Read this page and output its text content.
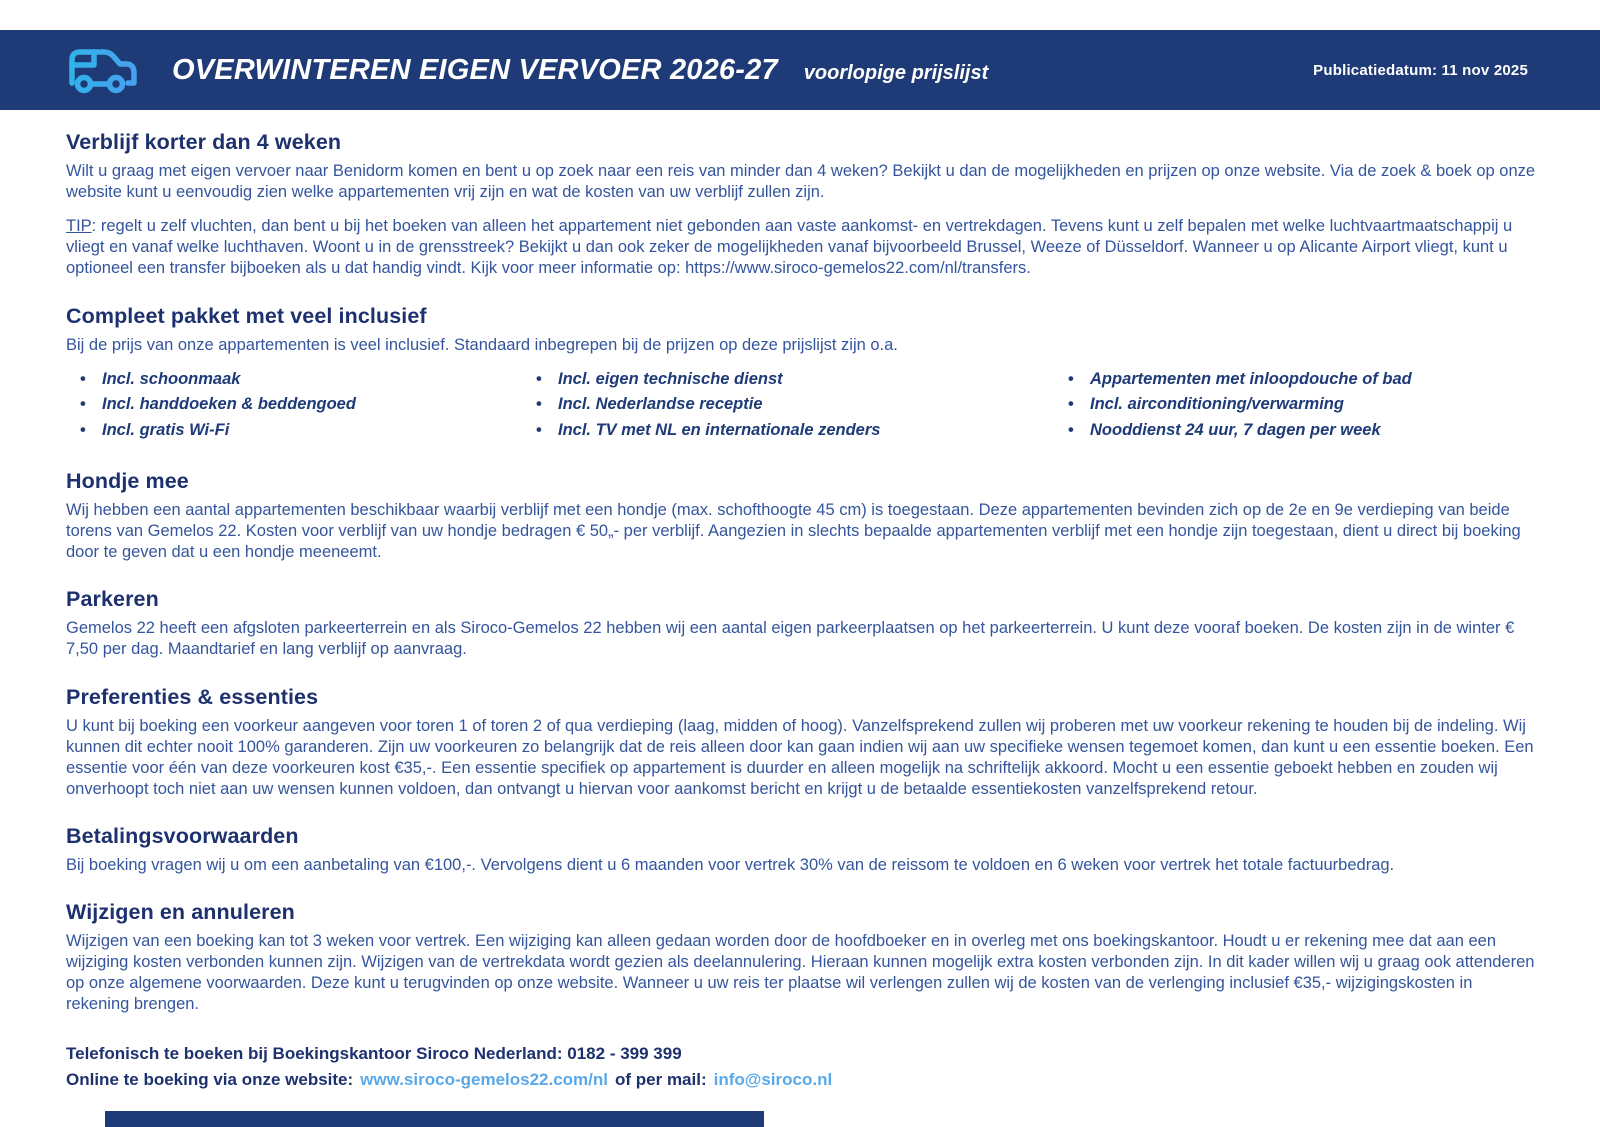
OVERWINTEREN EIGEN VERVOER 2026-27 voorlopige prijslijst	Publicatiedatum: 11 nov 2025
Verblijf korter dan 4 weken

Wilt u graag met eigen vervoer naar Benidorm komen en bent u op zoek naar een reis van minder dan 4 weken? Bekijkt u dan de mogelijkheden en prijzen op onze website. Via de zoek & boek op onze website kunt u eenvoudig zien welke appartementen vrij zijn en wat de kosten van uw verblijf zullen zijn.

TIP: regelt u zelf vluchten, dan bent u bij het boeken van alleen het appartement niet gebonden aan vaste aankomst- en vertrekdagen. Tevens kunt u zelf bepalen met welke luchtvaartmaatschappij u vliegt en vanaf welke luchthaven. Woont u in de grensstreek? Bekijkt u dan ook zeker de mogelijkheden vanaf bijvoorbeeld Brussel, Weeze of Düsseldorf. Wanneer u op Alicante Airport vliegt, kunt u optioneel een transfer bijboeken als u dat handig vindt. Kijk voor meer informatie op: https://www.siroco-gemelos22.com/nl/transfers.

Compleet pakket met veel inclusief

Bij de prijs van onze appartementen is veel inclusief. Standaard inbegrepen bij de prijzen op deze prijslijst zijn o.a.

• Incl. schoonmaak
• Incl. handdoeken & beddengoed
• Incl. gratis Wi-Fi
• Incl. eigen technische dienst
• Incl. Nederlandse receptie
• Incl. TV met NL en internationale zenders
• Appartementen met inloopdouche of bad
• Incl. airconditioning/verwarming
• Nooddienst 24 uur, 7 dagen per week
Hondje mee

Wij hebben een aantal appartementen beschikbaar waarbij verblijf met een hondje (max. schofthoogte 45 cm) is toegestaan. Deze appartementen bevinden zich op de 2e en 9e verdieping van beide torens van Gemelos 22. Kosten voor verblijf van uw hondje bedragen € 50„- per verblijf. Aangezien in slechts bepaalde appartementen verblijf met een hondje zijn toegestaan, dient u direct bij boeking door te geven dat u een hondje meeneemt.

Parkeren

Gemelos 22 heeft een afgsloten parkeerterrein en als Siroco-Gemelos 22 hebben wij een aantal eigen parkeerplaatsen op het parkeerterrein. U kunt deze vooraf boeken. De kosten zijn in de winter € 7,50 per dag. Maandtarief en lang verblijf op aanvraag.

Preferenties & essenties

U kunt bij boeking een voorkeur aangeven voor toren 1 of toren 2 of qua verdieping (laag, midden of hoog). Vanzelfsprekend zullen wij proberen met uw voorkeur rekening te houden bij de indeling. Wij kunnen dit echter nooit 100% garanderen. Zijn uw voorkeuren zo belangrijk dat de reis alleen door kan gaan indien wij aan uw specifieke wensen tegemoet komen, dan kunt u een essentie boeken. Een essentie voor één van deze voorkeuren kost €35,-. Een essentie specifiek op appartement is duurder en alleen mogelijk na schriftelijk akkoord. Mocht u een essentie geboekt hebben en zouden wij onverhoopt toch niet aan uw wensen kunnen voldoen, dan ontvangt u hiervan voor aankomst bericht en krijgt u de betaalde essentiekosten vanzelfsprekend retour.

Betalingsvoorwaarden

Bij boeking vragen wij u om een aanbetaling van €100,-. Vervolgens dient u 6 maanden voor vertrek 30% van de reissom te voldoen en 6 weken voor vertrek het totale factuurbedrag.

Wijzigen en annuleren

Wijzigen van een boeking kan tot 3 weken voor vertrek. Een wijziging kan alleen gedaan worden door de hoofdboeker en in overleg met ons boekingskantoor. Houdt u er rekening mee dat aan een wijziging kosten verbonden kunnen zijn. Wijzigen van de vertrekdata wordt gezien als deelannulering. Hieraan kunnen mogelijk extra kosten verbonden zijn. In dit kader willen wij u graag ook attenderen op onze algemene voorwaarden. Deze kunt u terugvinden op onze website. Wanneer u uw reis ter plaatse wil verlengen zullen wij de kosten van de verlenging inclusief €35,- wijzigingskosten in rekening brengen.

Telefonisch te boeken bij Boekingskantoor Siroco Nederland: 0182 - 399 399

Online te boeking via onze website: www.siroco-gemelos22.com/nl of per mail: info@siroco.nl
